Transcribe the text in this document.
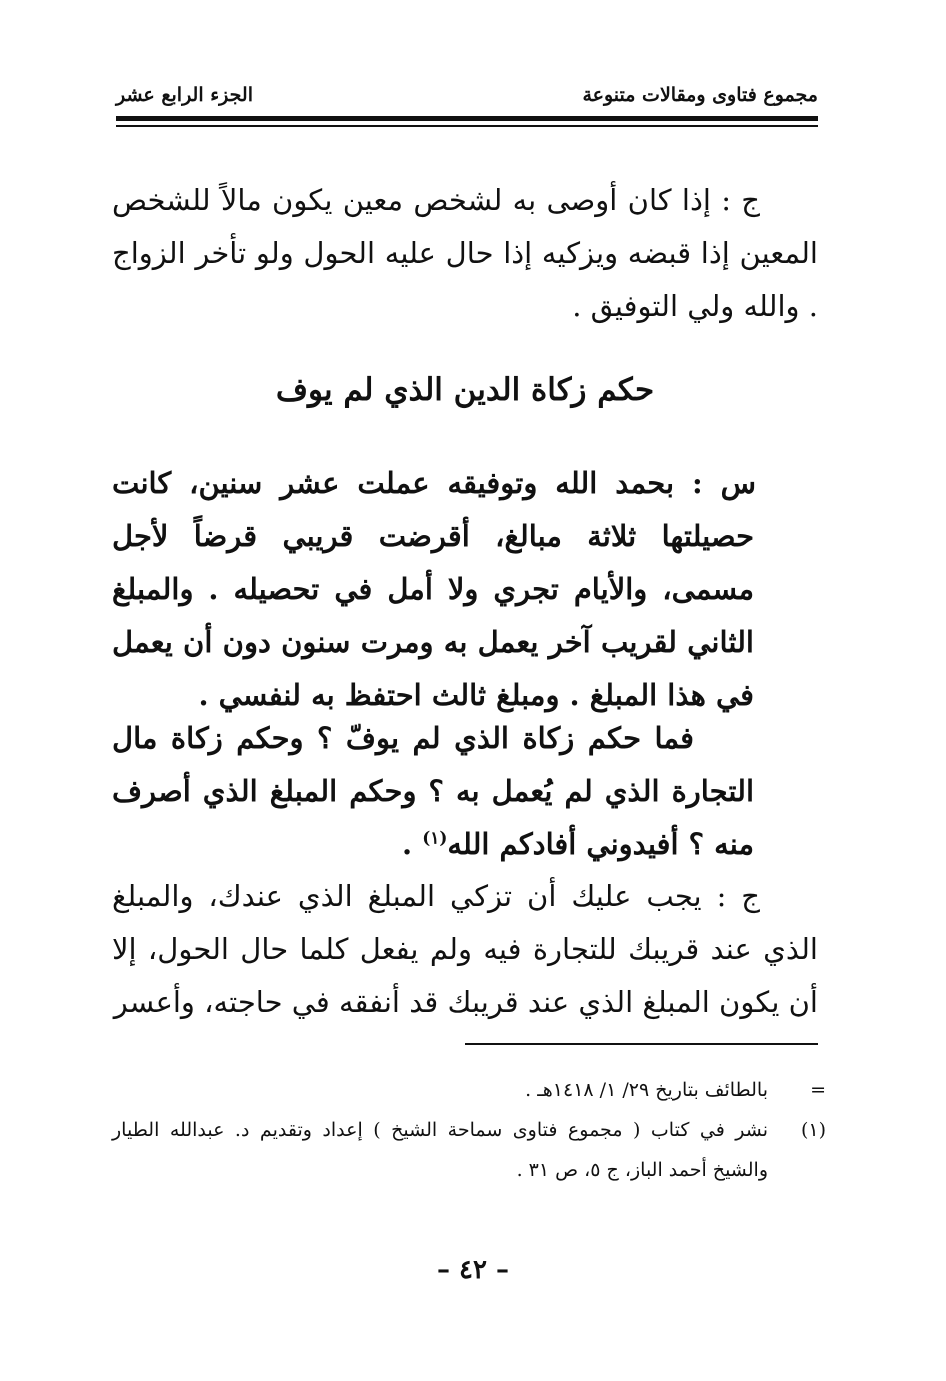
مجموع فتاوى ومقالات متنوعة
الجزء الرابع عشر

ج : إذا كان أوصى به لشخص معين يكون مالاً للشخص المعين إذا قبضه ويزكيه إذا حال عليه الحول ولو تأخر الزواج . والله ولي التوفيق .

حكم زكاة الدين الذي لم يوف

س : بحمد الله وتوفيقه عملت عشر سنين، كانت حصيلتها ثلاثة مبالغ، أقرضت قريبي قرضاً لأجل مسمى، والأيام تجري ولا أمل في تحصيله . والمبلغ الثاني لقريب آخر يعمل به ومرت سنون دون أن يعمل في هذا المبلغ . ومبلغ ثالث احتفظ به لنفسي .

فما حكم زكاة الذي لم يوفّ ؟ وحكم زكاة مال التجارة الذي لم يُعمل به ؟ وحكم المبلغ الذي أصرف منه ؟ أفيدوني أفادكم الله$^{(١)}$ .

ج : يجب عليك أن تزكي المبلغ الذي عندك، والمبلغ الذي عند قريبك للتجارة فيه ولم يفعل كلما حال الحول، إلا أن يكون المبلغ الذي عند قريبك قد أنفقه في حاجته، وأعسر

=
بالطائف بتاريخ ٢٩/ ١/ ١٤١٨هـ .
(١)
نشر في كتاب ( مجموع فتاوى سماحة الشيخ ) إعداد وتقديم د. عبدالله الطيار والشيخ أحمد الباز، ج ٥، ص ٣١ .
– ٤٢ –
